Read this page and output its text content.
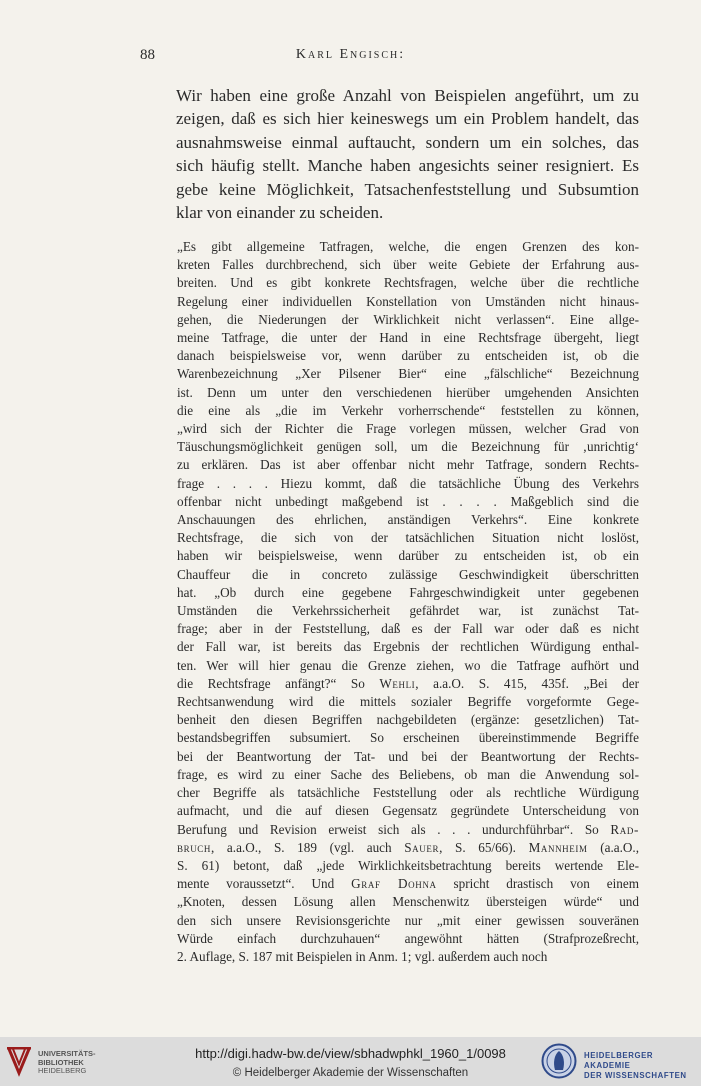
88	Karl Engisch:

Wir haben eine große Anzahl von Beispielen angeführt, um zu
zeigen, daß es sich hier keineswegs um ein Problem handelt, das
ausnahmsweise einmal auftaucht, sondern um ein solches, das
sich häufig stellt. Manche haben angesichts seiner resigniert. Es
gebe keine Möglichkeit, Tatsachenfeststellung und Subsumtion
klar von einander zu scheiden.

„Es gibt allgemeine Tatfragen, welche, die engen Grenzen des kon-
kreten Falles durchbrechend, sich über weite Gebiete der Erfahrung aus-
breiten. Und es gibt konkrete Rechtsfragen, welche über die rechtliche
Regelung einer individuellen Konstellation von Umständen nicht hinaus-
gehen, die Niederungen der Wirklichkeit nicht verlassen“. Eine allge-
meine Tatfrage, die unter der Hand in eine Rechtsfrage übergeht, liegt
danach beispielsweise vor, wenn darüber zu entscheiden ist, ob die
Warenbezeichnung „Xer Pilsener Bier“ eine „fälschliche“ Bezeichnung
ist. Denn um unter den verschiedenen hierüber umgehenden Ansichten
die eine als „die im Verkehr vorherrschende“ feststellen zu können,
„wird sich der Richter die Frage vorlegen müssen, welcher Grad von
Täuschungsmöglichkeit genügen soll, um die Bezeichnung für ‚unrichtig‘
zu erklären. Das ist aber offenbar nicht mehr Tatfrage, sondern Rechts-
frage . . . . Hiezu kommt, daß die tatsächliche Übung des Verkehrs
offenbar nicht unbedingt maßgebend ist . . . . Maßgeblich sind die
Anschauungen des ehrlichen, anständigen Verkehrs“. Eine konkrete
Rechtsfrage, die sich von der tatsächlichen Situation nicht loslöst,
haben wir beispielsweise, wenn darüber zu entscheiden ist, ob ein
Chauffeur die in concreto zulässige Geschwindigkeit überschritten
hat. „Ob durch eine gegebene Fahrgeschwindigkeit unter gegebenen
Umständen die Verkehrssicherheit gefährdet war, ist zunächst Tat-
frage; aber in der Feststellung, daß es der Fall war oder daß es nicht
der Fall war, ist bereits das Ergebnis der rechtlichen Würdigung enthal-
ten. Wer will hier genau die Grenze ziehen, wo die Tatfrage aufhört und
die Rechtsfrage anfängt?“ So Wehli, a.a.O. S. 415, 435f. „Bei der
Rechtsanwendung wird die mittels sozialer Begriffe vorgeformte Gege-
benheit den diesen Begriffen nachgebildeten (ergänze: gesetzlichen) Tat-
bestandsbegriffen subsumiert. So erscheinen übereinstimmende Begriffe
bei der Beantwortung der Tat- und bei der Beantwortung der Rechts-
frage, es wird zu einer Sache des Beliebens, ob man die Anwendung sol-
cher Begriffe als tatsächliche Feststellung oder als rechtliche Würdigung
aufmacht, und die auf diesen Gegensatz gegründete Unterscheidung von
Berufung und Revision erweist sich als . . . undurchführbar“. So Rad-
bruch, a.a.O., S. 189 (vgl. auch Sauer, S. 65/66). Mannheim (a.a.O.,
S. 61) betont, daß „jede Wirklichkeitsbetrachtung bereits wertende Ele-
mente voraussetzt“. Und Graf Dohna spricht drastisch von einem
„Knoten, dessen Lösung allen Menschenwitz übersteigen würde“ und
den sich unsere Revisionsgerichte nur „mit einer gewissen souveränen
Würde einfach durchzuhauen“ angewöhnt hätten (Strafprozeßrecht,
2. Auflage, S. 187 mit Beispielen in Anm. 1; vgl. außerdem auch noch

UNIVERSITÄTS-
BIBLIOTHEK
HEIDELBERG
http://digi.hadw-bw.de/view/sbhadwphkl_1960_1/0098
© Heidelberger Akademie der Wissenschaften
HEIDELBERGER AKADEMIE
DER WISSENSCHAFTEN
